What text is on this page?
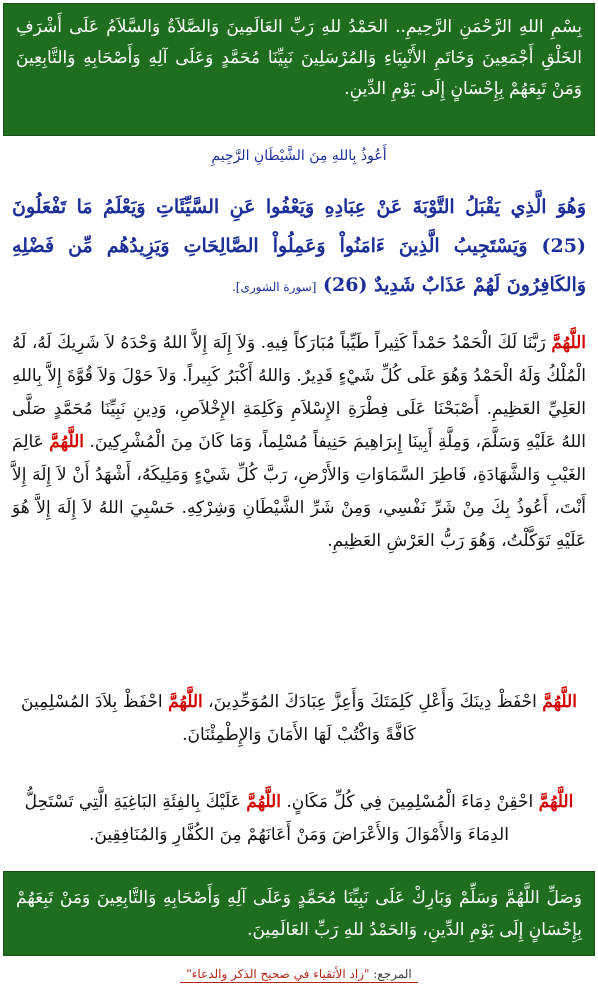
بِسْمِ اللهِ الرَّحْمَنِ الرَّحِيمِ.. الحَمْدُ للهِ رَبِّ العَالَمِينَ وَالصَّلاَةُ وَالسَّلاَمُ عَلَى أَشْرَفِ الخَلْقِ أَجْمَعِينَ وَخَاتَمِ الأَنْبِيَاءِ وَالمُرْسَلِينَ نَبِيِّنَا مُحَمَّدٍ وَعَلَى آلِهِ وَأَصْحَابِهِ وَالتَّابِعِينَ وَمَنْ تَبِعَهُمْ بِإِحْسَانٍ إِلَى يَوْمِ الدِّينِ.
أَعُوذُ بِاللهِ مِنَ الشَّيْطَانِ الرَّجِيمِ
وَهُوَ الَّذِي يَقْبَلُ التَّوْبَةَ عَنْ عِبَادِهِ وَيَعْفُوا عَنِ السَّيِّئَاتِ وَيَعْلَمُ مَا تَفْعَلُونَ (25) وَيَسْتَجِيبُ الَّذِينَ ءَامَنُواْ وَعَمِلُواْ الصَّالِحَاتِ وَيَزِيدُهُم مِّن فَضْلِهِ وَالكَافِرُونَ لَهُمْ عَذَابٌ شَدِيدٌ (26) [سورة الشورى].
اللَّهُمَّ رَبَّنَا لَكَ الْحَمْدُ حَمْداً كَثِيراً طَيِّباً مُبَارَكاً فِيهِ. وَلاَ إِلَهَ إِلاَّ اللهُ وَحْدَهُ لاَ شَرِيكَ لَهُ، لَهُ الْمُلْكُ وَلَهُ الْحَمْدُ وَهُوَ عَلَى كُلِّ شَيْءٍ قَدِيرٌ. وَاللهُ أَكْبَرُ كَبِيراً. وَلاَ حَوْلَ وَلاَ قُوَّةَ إِلاَّ بِاللهِ العَلِيِّ العَظِيمِ. أَصْبَحْنَا عَلَى فِطْرَةِ الإِسْلاَمِ وَكَلِمَةِ الإِخْلاَصِ، وَدِينِ نَبِيِّنَا مُحَمَّدٍ صَلَّى اللهُ عَلَيْهِ وَسَلَّمَ، وَمِلَّةِ أَبِينَا إِبرَاهِيمَ حَنِيفاً مُسْلِماً، وَمَا كَانَ مِنَ الْمُشْرِكِينَ. اللَّهُمَّ عَالِمَ الغَيْبِ وَالشَّهَادَةِ، فَاطِرَ السَّمَاوَاتِ وَالأَرْضِ، رَبَّ كُلِّ شَيْءٍ وَمَلِيكَهُ، أَشْهَدُ أَنْ لاَ إِلَهَ إِلاَّ أَنْتَ، أَعُوذُ بِكَ مِنْ شَرِّ نَفْسِي، وَمِنْ شَرِّ الشَّيْطَانِ وَشِرْكِهِ. حَسْبِيَ اللهُ لاَ إِلَهَ إِلاَّ هُوَ عَلَيْهِ تَوَكَّلْتُ، وَهُوَ رَبُّ العَرْشِ العَظِيمِ.
اللَّهُمَّ احْفَظْ دِينَكَ وَأَعْلِ كَلِمَتَكَ وَأَعِزَّ عِبَادَكَ المُوَحِّدِينَ، اللَّهُمَّ احْفَظْ بِلاَدَ المُسْلِمِينَ كَافَّةً وَاكْتُبْ لَهَا الأَمَانَ وَالإِطْمِئْنَانَ.
اللَّهُمَّ احْقِنْ دِمَاءَ الْمُسْلِمِينَ فِي كُلِّ مَكَانٍ. اللَّهُمَّ عَلَيْكَ بِالفِئَةِ البَاغِيَةِ الَّتِي تَسْتَحِلُّ الدِمَاءَ وَالأَمْوَالَ وَالأَعْرَاضَ وَمَنْ أَعَانَهُمْ مِنَ الكُفَّارِ وَالمُنَافِقِينَ.
وَصَلِّ اللَّهُمَّ وَسَلِّمْ وَبَارِكْ عَلَى نَبِيِّنَا مُحَمَّدٍ وَعَلَى آلِهِ وَأَصْحَابِهِ وَالتَّابِعِينَ وَمَنْ تَبِعَهُمْ بِإِحْسَانٍ إِلَى يَوْمِ الدِّينِ، وَالحَمْدُ للهِ رَبِّ العَالَمِينَ.
المرجع: "زاد الأتقياء في صحيح الذكر والدعاء"
